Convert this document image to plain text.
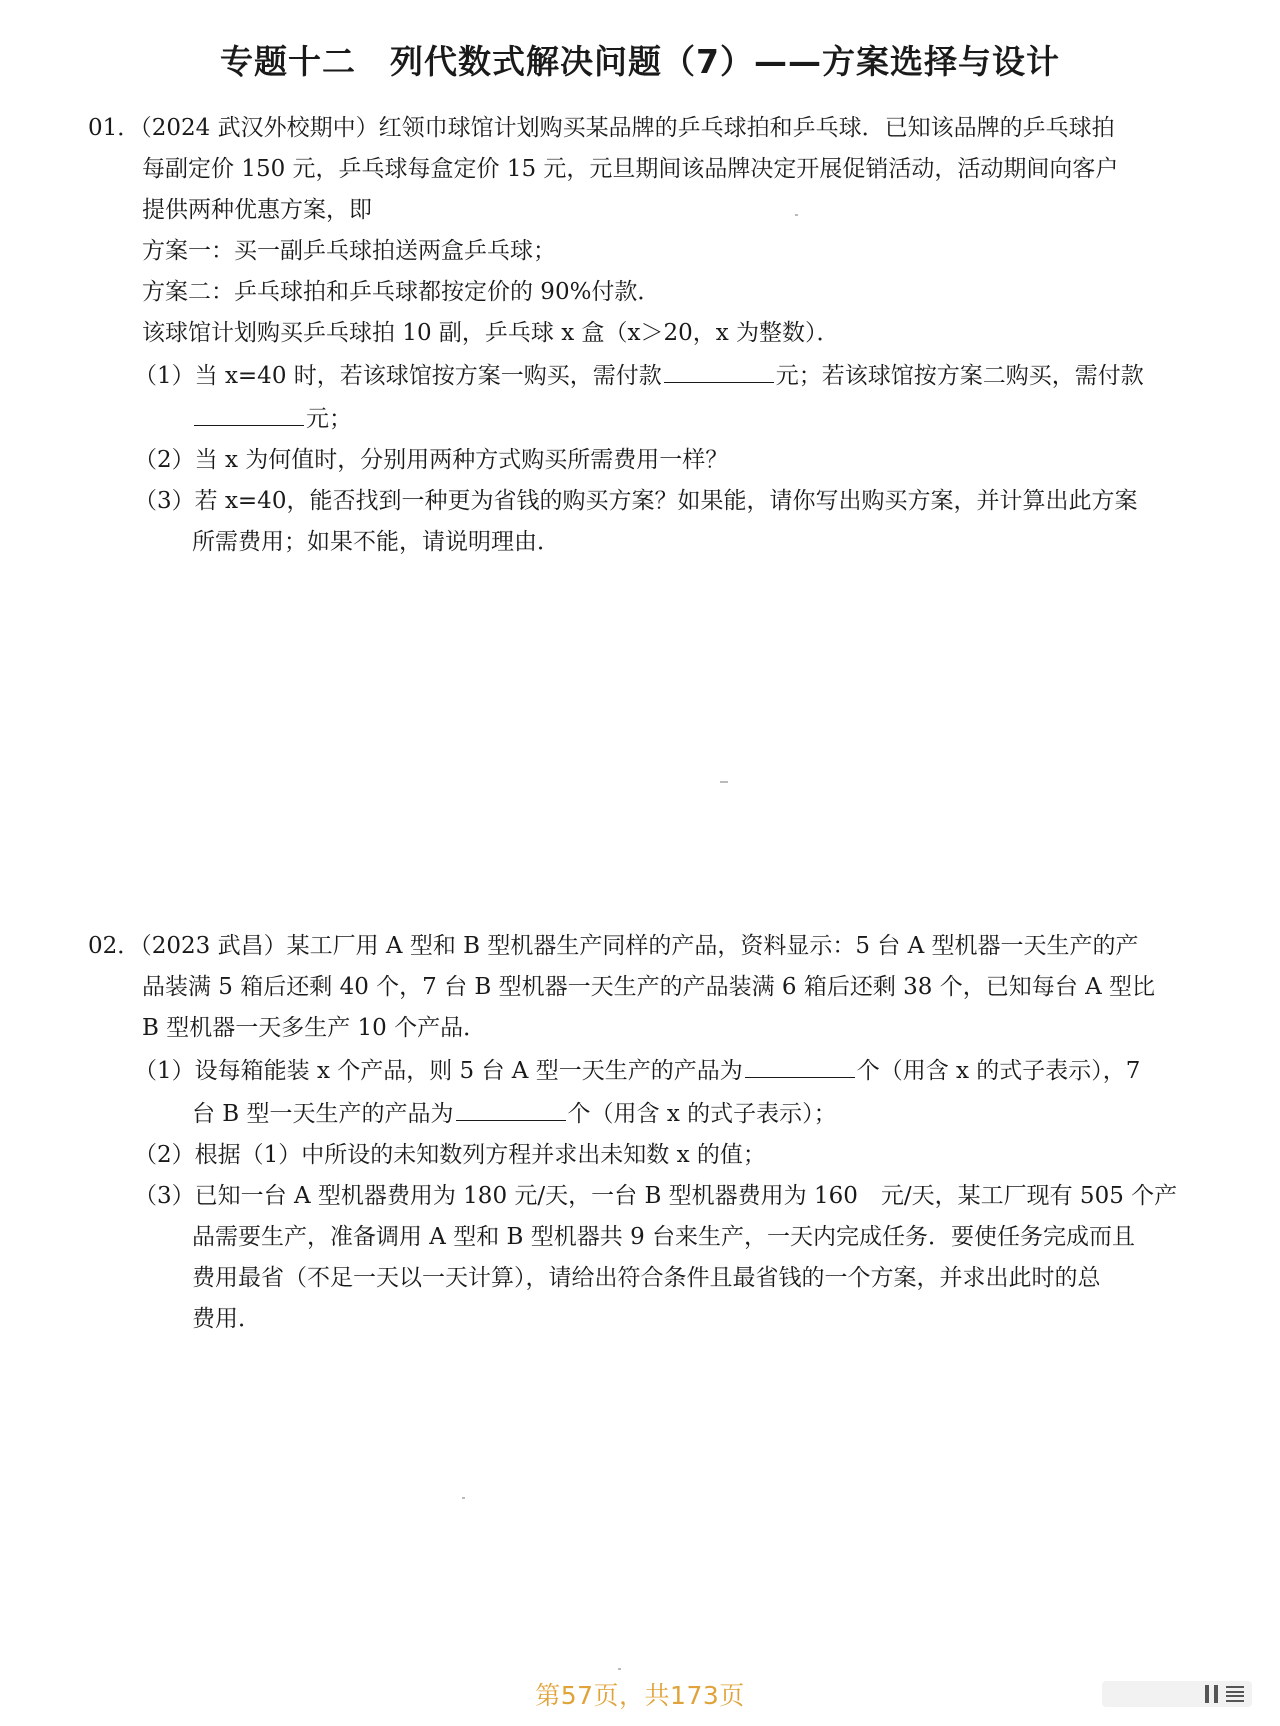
专题十二　列代数式解决问题（7）——方案选择与设计
01．（2024 武汉外校期中）红领巾球馆计划购买某品牌的乒乓球拍和乒乓球．已知该品牌的乒乓球拍
每副定价 150 元，乒乓球每盒定价 15 元，元旦期间该品牌决定开展促销活动，活动期间向客户
提供两种优惠方案，即
方案一：买一副乒乓球拍送两盒乒乓球；
方案二：乒乓球拍和乒乓球都按定价的 90%付款．
该球馆计划购买乒乓球拍 10 副，乒乓球 x 盒（x＞20，x 为整数）．
（1）当 x=40 时，若该球馆按方案一购买，需付款	元；若该球馆按方案二购买，需付款
元；
（2）当 x 为何值时，分别用两种方式购买所需费用一样？
（3）若 x=40，能否找到一种更为省钱的购买方案？如果能，请你写出购买方案，并计算出此方案
所需费用；如果不能，请说明理由．
02．（2023 武昌）某工厂用 A 型和 B 型机器生产同样的产品，资料显示：5 台 A 型机器一天生产的产
品装满 5 箱后还剩 40 个，7 台 B 型机器一天生产的产品装满 6 箱后还剩 38 个，已知每台 A 型比
B 型机器一天多生产 10 个产品．
（1）设每箱能装 x 个产品，则 5 台 A 型一天生产的产品为	个（用含 x 的式子表示），7
台 B 型一天生产的产品为	个（用含 x 的式子表示）；
（2）根据（1）中所设的未知数列方程并求出未知数 x 的值；
（3）已知一台 A 型机器费用为 180 元/天，一台 B 型机器费用为 160　元/天，某工厂现有 505 个产
品需要生产，准备调用 A 型和 B 型机器共 9 台来生产，一天内完成任务．要使任务完成而且
费用最省（不足一天以一天计算），请给出符合条件且最省钱的一个方案，并求出此时的总
费用．
第57页，共173页
